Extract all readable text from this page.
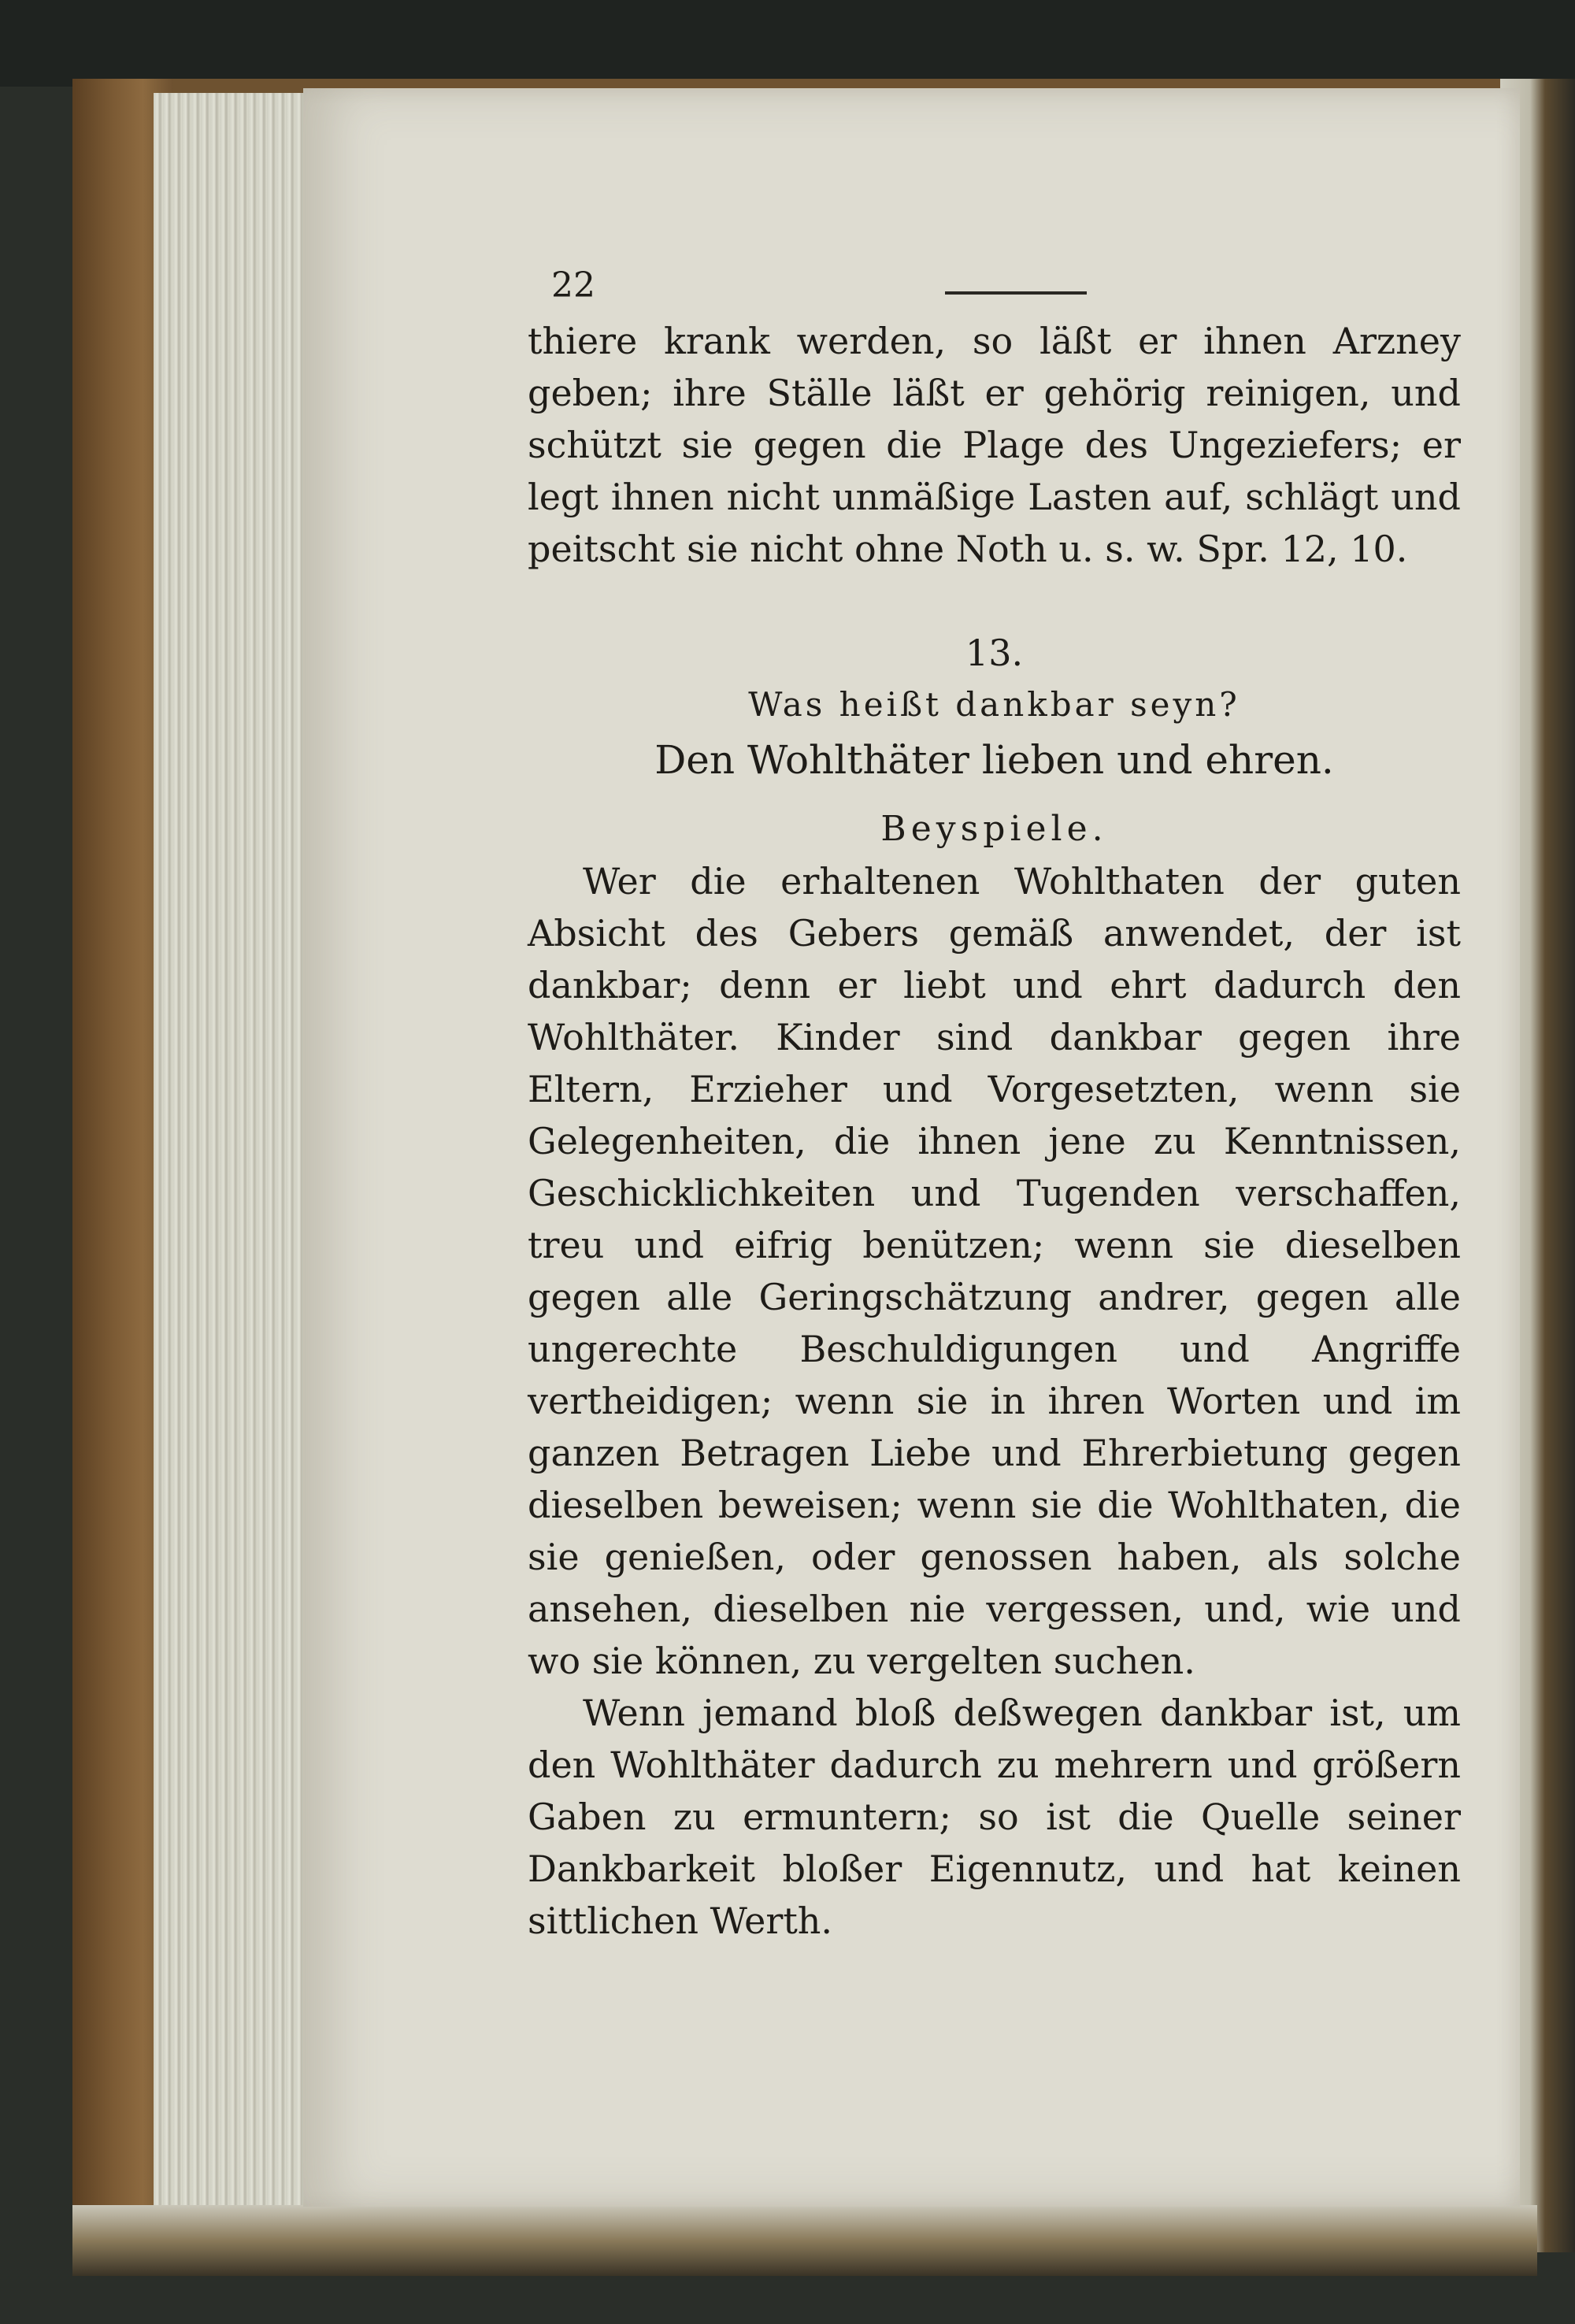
22

thiere krank werden, so läßt er ihnen Arzney geben; ihre Ställe läßt er gehörig reinigen, und schützt sie gegen die Plage des Ungeziefers; er legt ihnen nicht unmäßige Lasten auf, schlägt und peitscht sie nicht ohne Noth u. s. w. Spr. 12, 10.

13.
Was heißt dankbar seyn?
Den Wohlthäter lieben und ehren.
Beyspiele.

Wer die erhaltenen Wohlthaten der guten Absicht des Gebers gemäß anwendet, der ist dankbar; denn er liebt und ehrt dadurch den Wohlthäter. Kinder sind dankbar gegen ihre Eltern, Erzieher und Vorgesetzten, wenn sie Gelegenheiten, die ihnen jene zu Kenntnissen, Geschicklichkeiten und Tugenden verschaffen, treu und eifrig benützen; wenn sie dieselben gegen alle Geringschätzung andrer, gegen alle ungerechte Beschuldigungen und Angriffe vertheidigen; wenn sie in ihren Worten und im ganzen Betragen Liebe und Ehrerbietung gegen dieselben beweisen; wenn sie die Wohlthaten, die sie genießen, oder genossen haben, als solche ansehen, dieselben nie vergessen, und, wie und wo sie können, zu vergelten suchen.

Wenn jemand bloß deßwegen dankbar ist, um den Wohlthäter dadurch zu mehrern und größern Gaben zu ermuntern; so ist die Quelle seiner Dankbarkeit bloßer Eigennutz, und hat keinen sittlichen Werth.
